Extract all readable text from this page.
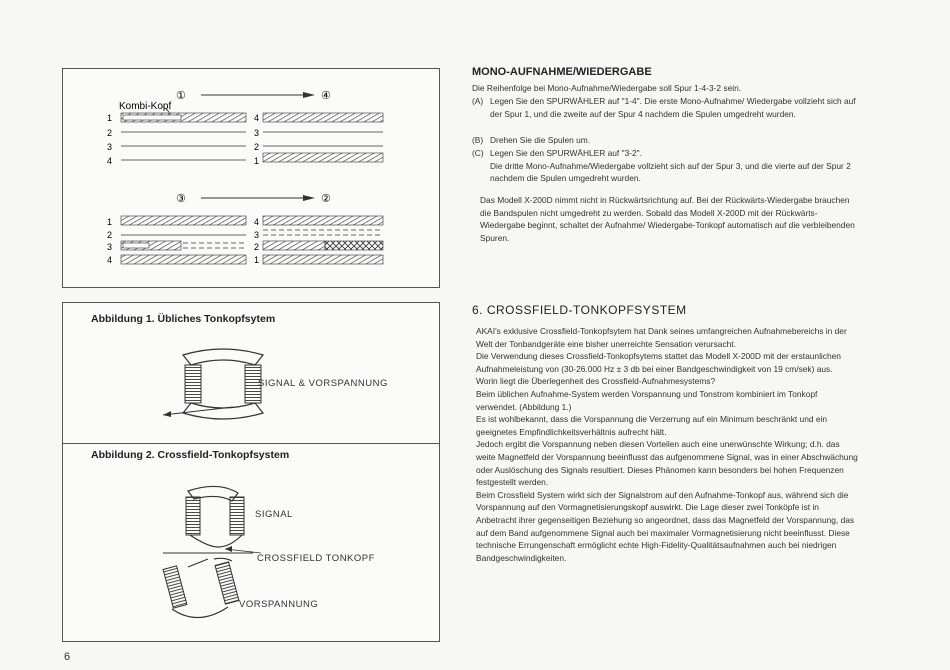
①	④
Kombi-Kopf
1
2
3
4
4
3
2
1
③	②
1
2
3
4
4
3
2
1
Abbildung 1. Übliches Tonkopfsytem
SIGNAL & VORSPANNUNG
Abbildung 2. Crossfield-Tonkopfsystem
SIGNAL
CROSSFIELD TONKOPF
VORSPANNUNG
MONO-AUFNAHME/WIEDERGABE
Die Reihenfolge bei Mono-Aufnahme/Wiedergabe soll Spur 1-4-3-2 sein.
(A) Legen Sie den SPURWÄHLER auf "1-4". Die erste Mono-Aufnahme/ Wiedergabe vollzieht sich auf der Spur 1, und die zweite auf der Spur 4 nachdem die Spulen umgedreht wurden.
(B) Drehen Sie die Spulen um.
(C) Legen Sie den SPURWÄHLER auf "3-2".
Die dritte Mono-Aufnahme/Wiedergabe vollzieht sich auf der Spur 3, und die vierte auf der Spur 2 nachdem die Spulen umgedreht wurden.
Das Modell X-200D nimmt nicht in Rückwärtsrichtung auf. Bei der Rückwärts-Wiedergabe brauchen die Bandspulen nicht umgedreht zu werden. Sobald das Modell X-200D mit der Rückwärts-Wiedergabe beginnt, schaltet der Aufnahme/ Wiedergabe-Tonkopf automatisch auf die verbleibenden Spuren.
6. CROSSFIELD-TONKOPFSYSTEM
AKAI's exklusive Crossfield-Tonkopfsytem hat Dank seines umfangreichen Aufnahmebereichs in der Welt der Tonbandgeräte eine bisher unerreichte Sensation verursacht.
Die Verwendung dieses Crossfield-Tonkopfsytems stattet das Modell X-200D mit der erstaunlichen Aufnahmeleistung von (30-26.000 Hz ± 3 db bei einer Bandgeschwindigkeit von 19 cm/sek) aus.
Worin liegt die Überlegenheit des Crossfield-Aufnahmesystems?
Beim üblichen Aufnahme-System werden Vorspannung und Tonstrom kombiniert im Tonkopf verwendet. (Abbildung 1.)
Es ist wohlbekannt, dass die Vorspannung die Verzerrung auf ein Minimum beschränkt und ein geeignetes Empfindlichkeitsverhältnis aufrecht hält.
Jedoch ergibt die Vorspannung neben diesen Vorteilen auch eine unerwünschte Wirkung; d.h. das weite Magnetfeld der Vorspannung beeinflusst das aufgenommene Signal, was in einer Abschwächung oder Auslöschung des Signals resultiert. Dieses Phänomen kann besonders bei hohen Frequenzen festgestellt werden.
Beim Crossfield System wirkt sich der Signalstrom auf den Aufnahme-Tonkopf aus, während sich die Vorspannung auf den Vormagnetisierungskopf auswirkt. Die Lage dieser zwei Tonköpfe ist in Anbetracht ihrer gegenseitigen Beziehung so angeordnet, dass das Magnetfeld der Vorspannung, das auf dem Band aufgenommene Signal auch bei maximaler Vormagnetisierung nicht beeinflusst. Diese technische Errungenschaft ermöglicht echte High-Fidelity-Qualitätsaufnahmen auch bei niedrigen Bandgeschwindigkeiten.
6
